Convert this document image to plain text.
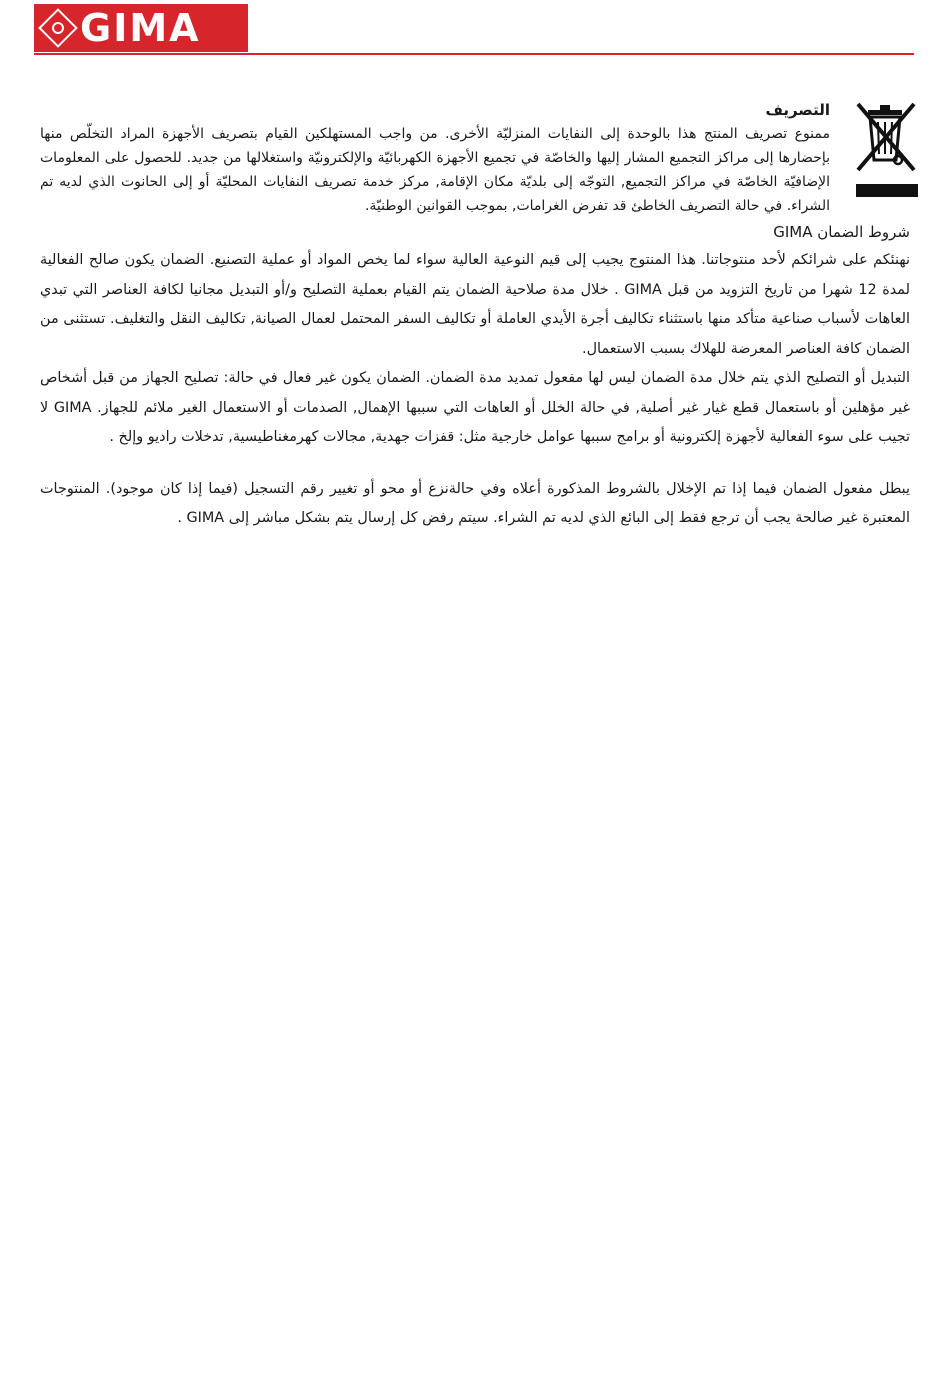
GIMA

التصريف

ممنوع تصريف المنتج هذا بالوحدة إلى النفايات المنزليّة الأخرى. من واجب المستهلكين القيام بتصريف الأجهزة المراد التخلّص منها بإحضارها إلى مراكز التجميع المشار إليها والخاصّة في تجميع الأجهزة الكهربائيّة والإلكترونيّة واستغلالها من جديد. للحصول على المعلومات الإضافيّة الخاصّة في مراكز التجميع, التوجّه إلى بلديّة مكان الإقامة, مركز خدمة تصريف النفايات المحليّة أو إلى الحانوت الذي لديه تم الشراء. في حالة التصريف الخاطئ قد تفرض الغرامات, بموجب القوانين الوطنيّة.

شروط الضمان GIMA

نهنئكم على شرائكم لأحد منتوجاتنا. هذا المنتوج يجيب إلى قيم النوعية العالية سواء لما يخص المواد أو عملية التصنيع. الضمان يكون صالح الفعالية لمدة 12 شهرا من تاريخ التزويد من قبل GIMA . خلال مدة صلاحية الضمان يتم القيام بعملية التصليح و/أو التبديل مجانيا لكافة العناصر التي تبدي العاهات لأسباب صناعية متأكد منها باستثناء تكاليف أجرة الأيدي العاملة أو تكاليف السفر المحتمل لعمال الصيانة, تكاليف النقل والتغليف. تستثنى من الضمان كافة العناصر المعرضة للهلاك بسبب الاستعمال.

التبديل أو التصليح الذي يتم خلال مدة الضمان ليس لها مفعول تمديد مدة الضمان. الضمان يكون غير فعال في حالة: تصليح الجهاز من قبل أشخاص غير مؤهلين أو باستعمال قطع غيار غير أصلية, في حالة الخلل أو العاهات التي سببها الإهمال, الصدمات أو الاستعمال الغير ملائم للجهاز. GIMA لا تجيب على سوء الفعالية لأجهزة إلكترونية أو برامج سببها عوامل خارجية مثل: قفزات جهدية, مجالات كهرمغناطيسية, تدخلات راديو وإلخ .

يبطل مفعول الضمان فيما إذا تم الإخلال بالشروط المذكورة أعلاه وفي حالةنزع أو محو أو تغيير رقم التسجيل (فيما إذا كان موجود). المنتوجات المعتبرة غير صالحة يجب أن ترجع فقط إلى البائع الذي لديه تم الشراء. سيتم رفض كل إرسال يتم بشكل مباشر إلى GIMA .
